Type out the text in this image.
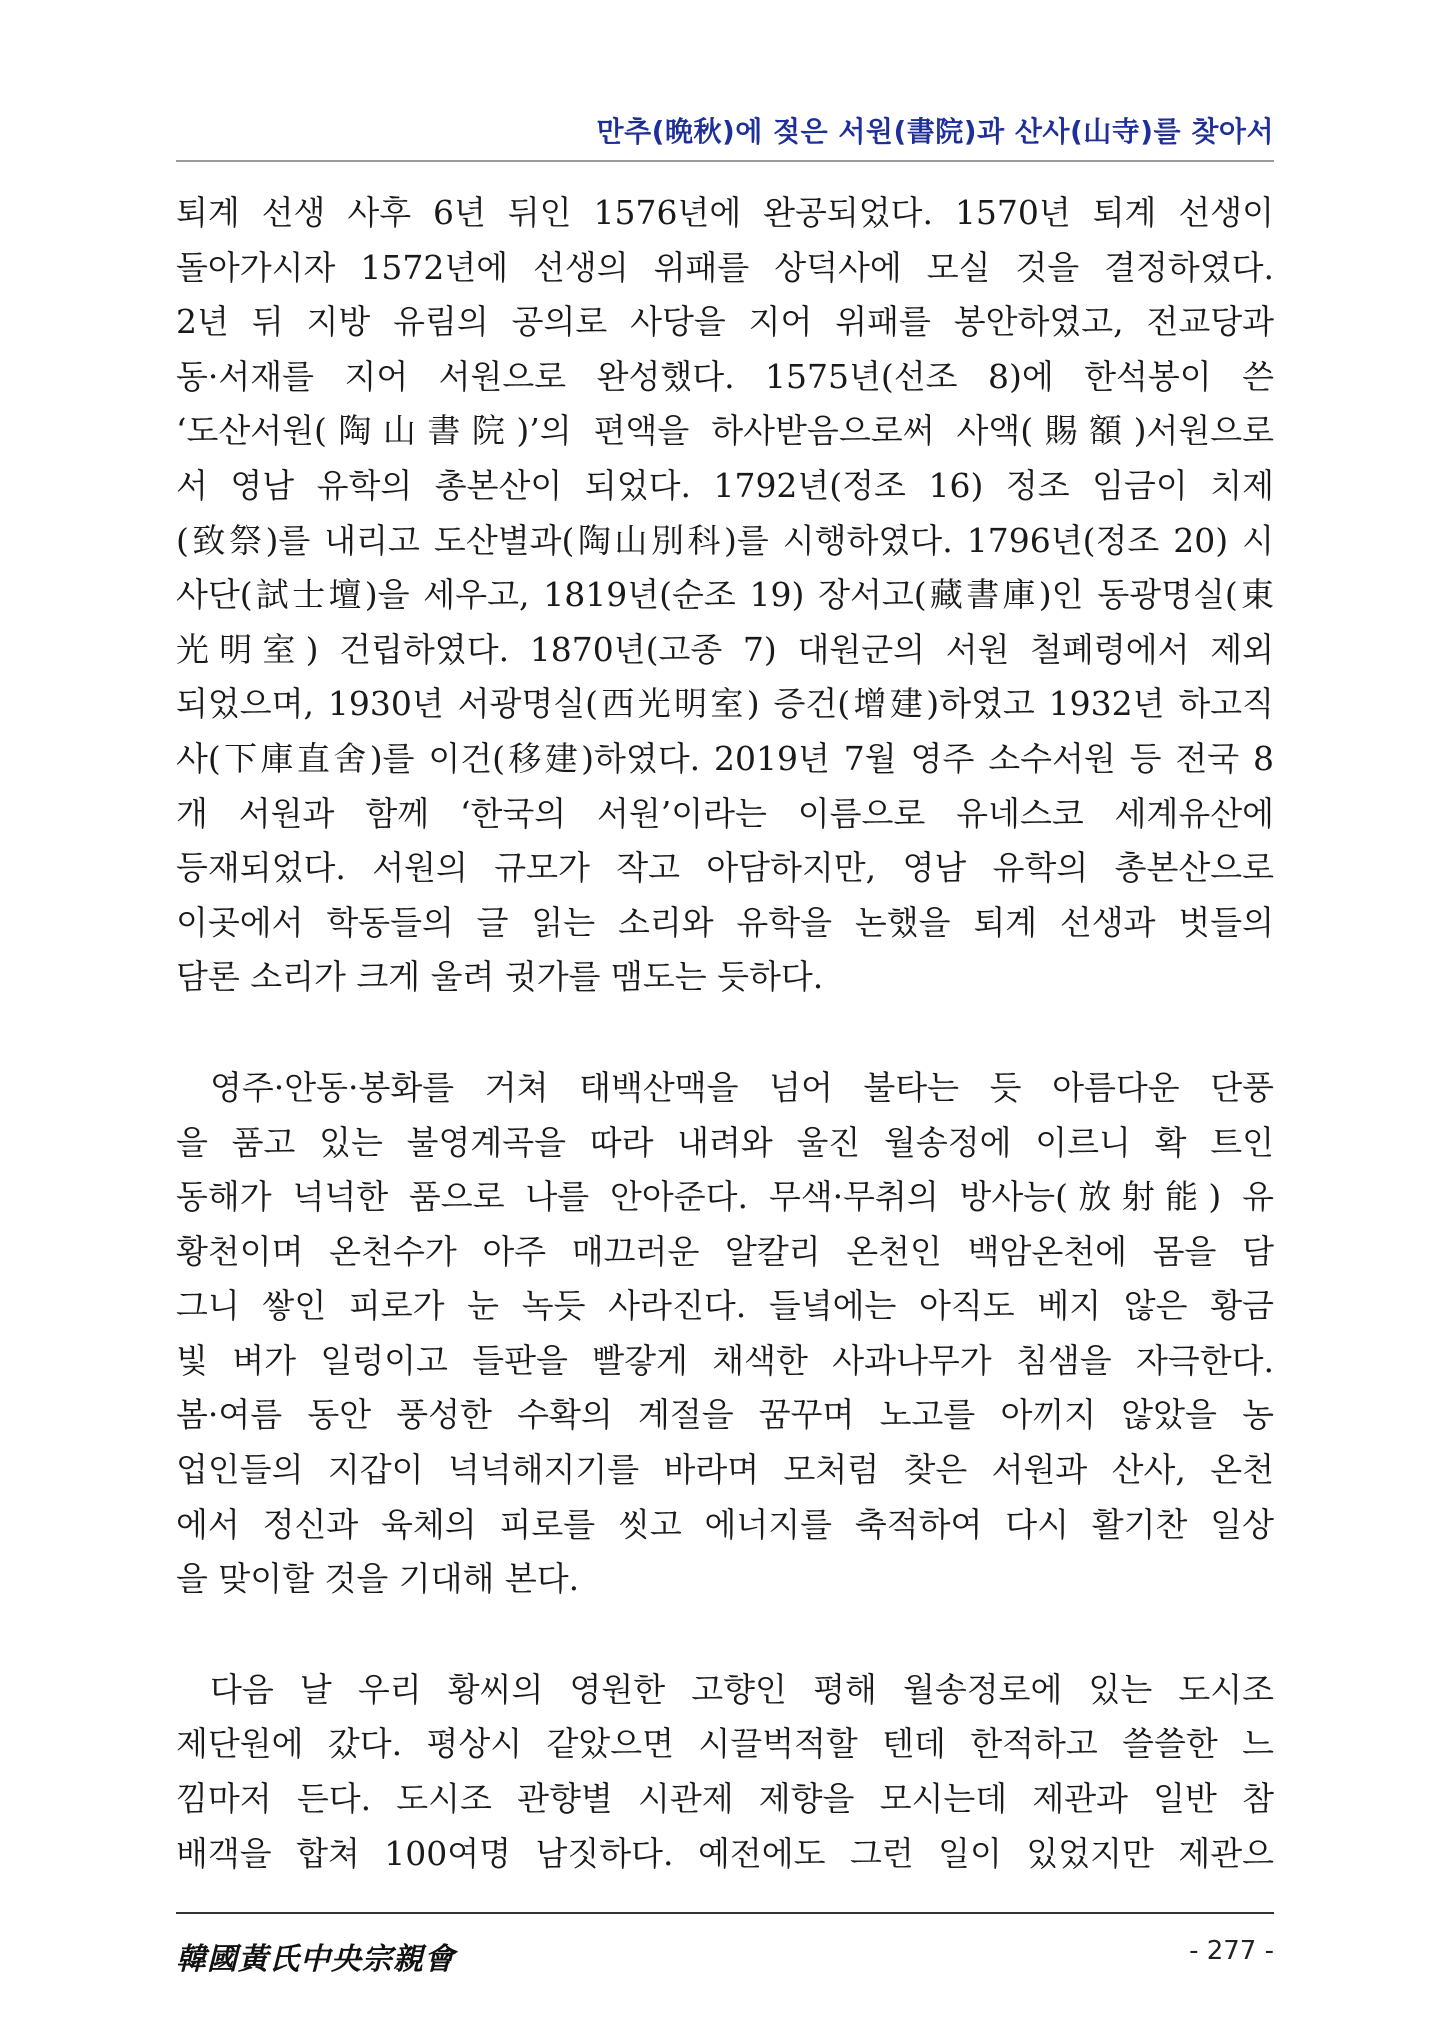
만추(晩秋)에 젖은 서원(書院)과 산사(山寺)를 찾아서
퇴계 선생 사후 6년 뒤인 1576년에 완공되었다. 1570년 퇴계 선생이
돌아가시자 1572년에 선생의 위패를 상덕사에 모실 것을 결정하였다.
2년 뒤 지방 유림의 공의로 사당을 지어 위패를 봉안하였고, 전교당과
동·서재를 지어 서원으로 완성했다. 1575년(선조 8)에 한석봉이 쓴
‘도산서원(陶山書院)’의 편액을 하사받음으로써 사액(賜額)서원으로
서 영남 유학의 총본산이 되었다. 1792년(정조 16) 정조 임금이 치제
(致祭)를 내리고 도산별과(陶山別科)를 시행하였다. 1796년(정조 20) 시
사단(試士壇)을 세우고, 1819년(순조 19) 장서고(藏書庫)인 동광명실(東
光明室) 건립하였다. 1870년(고종 7) 대원군의 서원 철폐령에서 제외
되었으며, 1930년 서광명실(西光明室) 증건(增建)하였고 1932년 하고직
사(下庫直舍)를 이건(移建)하였다. 2019년 7월 영주 소수서원 등 전국 8
개 서원과 함께 ‘한국의 서원’이라는 이름으로 유네스코 세계유산에
등재되었다. 서원의 규모가 작고 아담하지만, 영남 유학의 총본산으로
이곳에서 학동들의 글 읽는 소리와 유학을 논했을 퇴계 선생과 벗들의
담론 소리가 크게 울려 귓가를 맴도는 듯하다.
영주·안동·봉화를 거쳐 태백산맥을 넘어 불타는 듯 아름다운 단풍
을 품고 있는 불영계곡을 따라 내려와 울진 월송정에 이르니 확 트인
동해가 넉넉한 품으로 나를 안아준다. 무색·무취의 방사능(放射能) 유
황천이며 온천수가 아주 매끄러운 알칼리 온천인 백암온천에 몸을 담
그니 쌓인 피로가 눈 녹듯 사라진다. 들녘에는 아직도 베지 않은 황금
빛 벼가 일렁이고 들판을 빨갛게 채색한 사과나무가 침샘을 자극한다.
봄·여름 동안 풍성한 수확의 계절을 꿈꾸며 노고를 아끼지 않았을 농
업인들의 지갑이 넉넉해지기를 바라며 모처럼 찾은 서원과 산사, 온천
에서 정신과 육체의 피로를 씻고 에너지를 축적하여 다시 활기찬 일상
을 맞이할 것을 기대해 본다.
다음 날 우리 황씨의 영원한 고향인 평해 월송정로에 있는 도시조
제단원에 갔다. 평상시 같았으면 시끌벅적할 텐데 한적하고 쓸쓸한 느
낌마저 든다. 도시조 관향별 시관제 제향을 모시는데 제관과 일반 참
배객을 합쳐 100여명 남짓하다. 예전에도 그런 일이 있었지만 제관으
韓國黃氏中央宗親會	- 277 -
